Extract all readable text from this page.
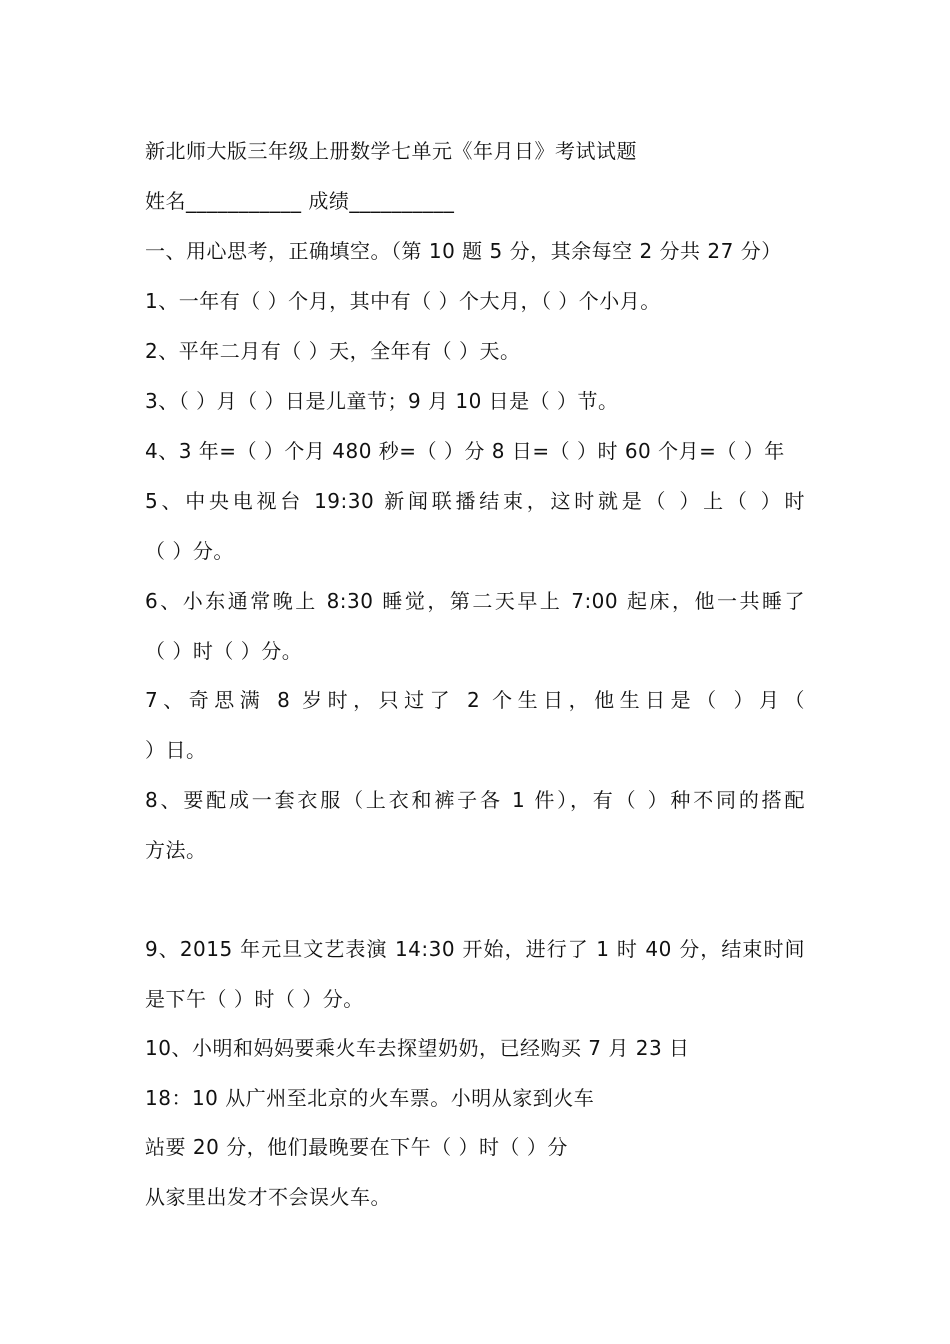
新北师大版三年级上册数学七单元《年月日》考试试题
姓名___________ 成绩__________
一、用心思考，正确填空。（第 10 题 5 分，其余每空 2 分共 27 分）
1、一年有（ ）个月，其中有（ ）个大月，（ ）个小月。
2、平年二月有（ ）天，全年有（ ）天。
3、（ ）月（ ）日是儿童节；9 月 10 日是（ ）节。
4、3 年=（ ）个月 480 秒=（ ）分 8 日=（ ）时 60 个月=（ ）年
5、中央电视台 19:30 新闻联播结束，这时就是（ ）上（ ）时
（ ）分。
6、小东通常晚上 8:30 睡觉，第二天早上 7:00 起床，他一共睡了
（ ）时（ ）分。
7、奇思满 8 岁时，只过了 2 个生日，他生日是（ ）月（
）日。
8、要配成一套衣服（上衣和裤子各 1 件），有（ ）种不同的搭配
方法。
9、2015 年元旦文艺表演 14:30 开始，进行了 1 时 40 分，结束时间
是下午（ ）时（ ）分。
10、小明和妈妈要乘火车去探望奶奶，已经购买 7 月 23 日
18：10 从广州至北京的火车票。小明从家到火车
站要 20 分，他们最晚要在下午（ ）时（ ）分
从家里出发才不会误火车。
